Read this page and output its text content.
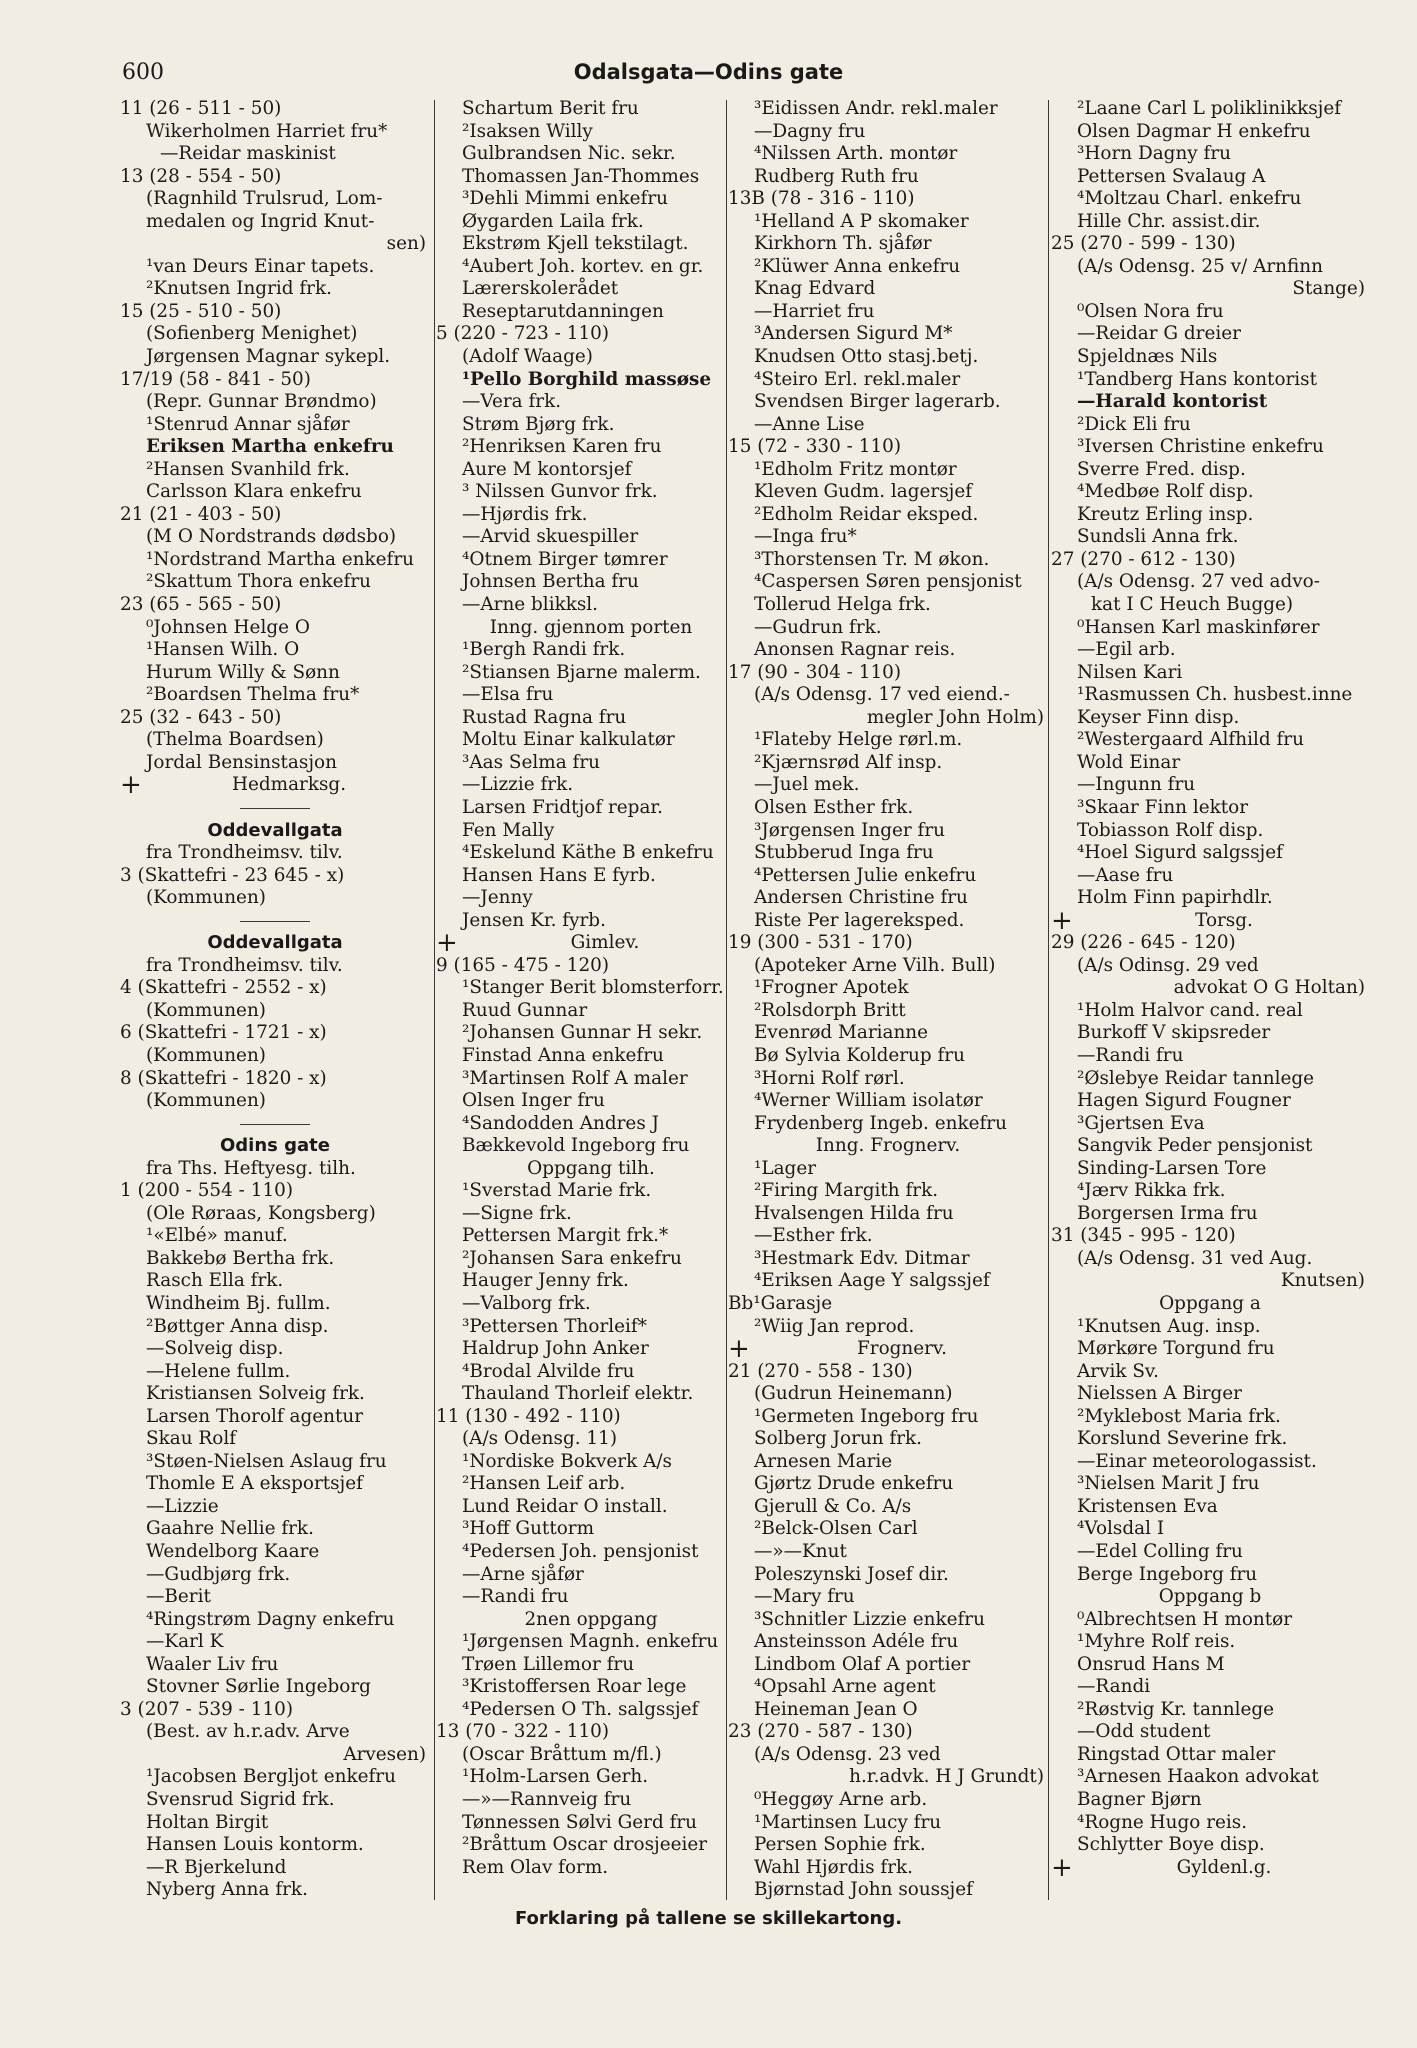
600	Odalsgata—Odins gate
11 (26 - 511 - 50)
Wikerholmen Harriet fru*
—Reidar maskinist
13 (28 - 554 - 50)
(Ragnhild Trulsrud, Lom-
medalen og Ingrid Knut-
sen)
¹van Deurs Einar tapets.
²Knutsen Ingrid frk.
15 (25 - 510 - 50)
(Sofienberg Menighet)
Jørgensen Magnar sykepl.
17/19 (58 - 841 - 50)
(Repr. Gunnar Brøndmo)
¹Stenrud Annar sjåfør
Eriksen Martha enkefru
²Hansen Svanhild frk.
Carlsson Klara enkefru
21 (21 - 403 - 50)
(M O Nordstrands dødsbo)
¹Nordstrand Martha enkefru
²Skattum Thora enkefru
23 (65 - 565 - 50)
⁰Johnsen Helge O
¹Hansen Wilh. O
Hurum Willy & Sønn
²Boardsen Thelma fru*
25 (32 - 643 - 50)
(Thelma Boardsen)
Jordal Bensinstasjon
+	Hedmarksg.
Oddevallgata
fra Trondheimsv. tilv.
3 (Skattefri - 23 645 - x)
(Kommunen)
Oddevallgata
fra Trondheimsv. tilv.
4 (Skattefri - 2552 - x)
(Kommunen)
6 (Skattefri - 1721 - x)
(Kommunen)
8 (Skattefri - 1820 - x)
(Kommunen)
Odins gate
fra Ths. Heftyesg. tilh.
1 (200 - 554 - 110)
(Ole Røraas, Kongsberg)
¹«Elbé» manuf.
Bakkebø Bertha frk.
Rasch Ella frk.
Windheim Bj. fullm.
²Bøttger Anna disp.
—Solveig disp.
—Helene fullm.
Kristiansen Solveig frk.
Larsen Thorolf agentur
Skau Rolf
³Støen-Nielsen Aslaug fru
Thomle E A eksportsjef
—Lizzie
Gaahre Nellie frk.
Wendelborg Kaare
—Gudbjørg frk.
—Berit
⁴Ringstrøm Dagny enkefru
—Karl K
Waaler Liv fru
Stovner Sørlie Ingeborg
3 (207 - 539 - 110)
(Best. av h.r.adv. Arve
Arvesen)
¹Jacobsen Bergljot enkefru
Svensrud Sigrid frk.
Holtan Birgit
Hansen Louis kontorm.
—R Bjerkelund
Nyberg Anna frk.
Schartum Berit fru
²Isaksen Willy
Gulbrandsen Nic. sekr.
Thomassen Jan-Thommes
³Dehli Mimmi enkefru
Øygarden Laila frk.
Ekstrøm Kjell tekstilagt.
⁴Aubert Joh. kortev. en gr.
Lærerskolerådet
Reseptarutdanningen
5 (220 - 723 - 110)
(Adolf Waage)
¹Pello Borghild massøse
—Vera frk.
Strøm Bjørg frk.
²Henriksen Karen fru
Aure M kontorsjef
³ Nilssen Gunvor frk.
—Hjørdis frk.
—Arvid skuespiller
⁴Otnem Birger tømrer
Johnsen Bertha fru
—Arne blikksl.
Inng. gjennom porten
¹Bergh Randi frk.
²Stiansen Bjarne malerm.
—Elsa fru
Rustad Ragna fru
Moltu Einar kalkulatør
³Aas Selma fru
—Lizzie frk.
Larsen Fridtjof repar.
Fen Mally
⁴Eskelund Käthe B enkefru
Hansen Hans E fyrb.
—Jenny
Jensen Kr. fyrb.
+	Gimlev.
9 (165 - 475 - 120)
¹Stanger Berit blomsterforr.
Ruud Gunnar
²Johansen Gunnar H sekr.
Finstad Anna enkefru
³Martinsen Rolf A maler
Olsen Inger fru
⁴Sandodden Andres J
Bækkevold Ingeborg fru
Oppgang tilh.
¹Sverstad Marie frk.
—Signe frk.
Pettersen Margit frk.*
²Johansen Sara enkefru
Hauger Jenny frk.
—Valborg frk.
³Pettersen Thorleif*
Haldrup John Anker
⁴Brodal Alvilde fru
Thauland Thorleif elektr.
11 (130 - 492 - 110)
(A/s Odensg. 11)
¹Nordiske Bokverk A/s
²Hansen Leif arb.
Lund Reidar O install.
³Hoff Guttorm
⁴Pedersen Joh. pensjonist
—Arne sjåfør
—Randi fru
2nen oppgang
¹Jørgensen Magnh. enkefru
Trøen Lillemor fru
³Kristoffersen Roar lege
⁴Pedersen O Th. salgssjef
13 (70 - 322 - 110)
(Oscar Bråttum m/fl.)
¹Holm-Larsen Gerh.
—»—Rannveig fru
Tønnessen Sølvi Gerd fru
²Bråttum Oscar drosjeeier
Rem Olav form.
³Eidissen Andr. rekl.maler
—Dagny fru
⁴Nilssen Arth. montør
Rudberg Ruth fru
13B (78 - 316 - 110)
¹Helland A P skomaker
Kirkhorn Th. sjåfør
²Klüwer Anna enkefru
Knag Edvard
—Harriet fru
³Andersen Sigurd M*
Knudsen Otto stasj.betj.
⁴Steiro Erl. rekl.maler
Svendsen Birger lagerarb.
—Anne Lise
15 (72 - 330 - 110)
¹Edholm Fritz montør
Kleven Gudm. lagersjef
²Edholm Reidar eksped.
—Inga fru*
³Thorstensen Tr. M økon.
⁴Caspersen Søren pensjonist
Tollerud Helga frk.
—Gudrun frk.
Anonsen Ragnar reis.
17 (90 - 304 - 110)
(A/s Odensg. 17 ved eiend.-
megler John Holm)
¹Flateby Helge rørl.m.
²Kjærnsrød Alf insp.
—Juel mek.
Olsen Esther frk.
³Jørgensen Inger fru
Stubberud Inga fru
⁴Pettersen Julie enkefru
Andersen Christine fru
Riste Per lagereksped.
19 (300 - 531 - 170)
(Apoteker Arne Vilh. Bull)
¹Frogner Apotek
²Rolsdorph Britt
Evenrød Marianne
Bø Sylvia Kolderup fru
³Horni Rolf rørl.
⁴Werner William isolatør
Frydenberg Ingeb. enkefru
Inng. Frognerv.
¹Lager
²Firing Margith frk.
Hvalsengen Hilda fru
—Esther frk.
³Hestmark Edv. Ditmar
⁴Eriksen Aage Y salgssjef
Bb¹Garasje
²Wiig Jan reprod.
+	Frognerv.
21 (270 - 558 - 130)
(Gudrun Heinemann)
¹Germeten Ingeborg fru
Solberg Jorun frk.
Arnesen Marie
Gjørtz Drude enkefru
Gjerull & Co. A/s
²Belck-Olsen Carl
—»—Knut
Poleszynski Josef dir.
—Mary fru
³Schnitler Lizzie enkefru
Ansteinsson Adéle fru
Lindbom Olaf A portier
⁴Opsahl Arne agent
Heineman Jean O
23 (270 - 587 - 130)
(A/s Odensg. 23 ved
h.r.advk. H J Grundt)
⁰Heggøy Arne arb.
¹Martinsen Lucy fru
Persen Sophie frk.
Wahl Hjørdis frk.
Bjørnstad John soussjef
²Laane Carl L poliklinikksjef
Olsen Dagmar H enkefru
³Horn Dagny fru
Pettersen Svalaug A
⁴Moltzau Charl. enkefru
Hille Chr. assist.dir.
25 (270 - 599 - 130)
(A/s Odensg. 25 v/ Arnfinn
Stange)
⁰Olsen Nora fru
—Reidar G dreier
Spjeldnæs Nils
¹Tandberg Hans kontorist
—Harald kontorist
²Dick Eli fru
³Iversen Christine enkefru
Sverre Fred. disp.
⁴Medbøe Rolf disp.
Kreutz Erling insp.
Sundsli Anna frk.
27 (270 - 612 - 130)
(A/s Odensg. 27 ved advo-
kat I C Heuch Bugge)
⁰Hansen Karl maskinfører
—Egil arb.
Nilsen Kari
¹Rasmussen Ch. husbest.inne
Keyser Finn disp.
²Westergaard Alfhild fru
Wold Einar
—Ingunn fru
³Skaar Finn lektor
Tobiasson Rolf disp.
⁴Hoel Sigurd salgssjef
—Aase fru
Holm Finn papirhdlr.
+	Torsg.
29 (226 - 645 - 120)
(A/s Odinsg. 29 ved
advokat O G Holtan)
¹Holm Halvor cand. real
Burkoff V skipsreder
—Randi fru
²Øslebye Reidar tannlege
Hagen Sigurd Fougner
³Gjertsen Eva
Sangvik Peder pensjonist
Sinding-Larsen Tore
⁴Jærv Rikka frk.
Borgersen Irma fru
31 (345 - 995 - 120)
(A/s Odensg. 31 ved Aug.
Knutsen)
Oppgang a
¹Knutsen Aug. insp.
Mørkøre Torgund fru
Arvik Sv.
Nielssen A Birger
²Myklebost Maria frk.
Korslund Severine frk.
—Einar meteorologassist.
³Nielsen Marit J fru
Kristensen Eva
⁴Volsdal I
—Edel Colling fru
Berge Ingeborg fru
Oppgang b
⁰Albrechtsen H montør
¹Myhre Rolf reis.
Onsrud Hans M
—Randi
²Røstvig Kr. tannlege
—Odd student
Ringstad Ottar maler
³Arnesen Haakon advokat
Bagner Bjørn
⁴Rogne Hugo reis.
Schlytter Boye disp.
+	Gyldenl.g.
Forklaring på tallene se skillekartong.
